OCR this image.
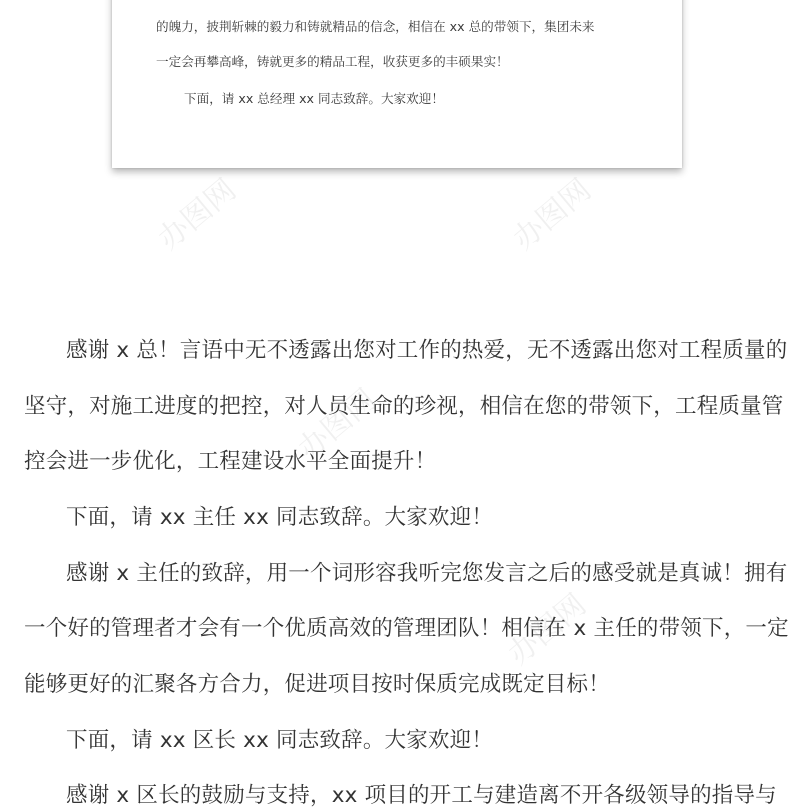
的魄力，披荆斩棘的毅力和铸就精品的信念，相信在 xx 总的带领下，集团未来

一定会再攀高峰，铸就更多的精品工程，收获更多的丰硕果实！

下面，请 xx 总经理 xx 同志致辞。大家欢迎！

办图网	办图网
办图网
办图网

感谢 x 总！言语中无不透露出您对工作的热爱，无不透露出您对工程质量的

坚守，对施工进度的把控，对人员生命的珍视，相信在您的带领下，工程质量管

控会进一步优化，工程建设水平全面提升！

下面，请 xx 主任 xx 同志致辞。大家欢迎！

感谢 x 主任的致辞，用一个词形容我听完您发言之后的感受就是真诚！拥有

一个好的管理者才会有一个优质高效的管理团队！相信在 x 主任的带领下，一定

能够更好的汇聚各方合力，促进项目按时保质完成既定目标！

下面，请 xx 区长 xx 同志致辞。大家欢迎！

感谢 x 区长的鼓励与支持，xx 项目的开工与建造离不开各级领导的指导与
